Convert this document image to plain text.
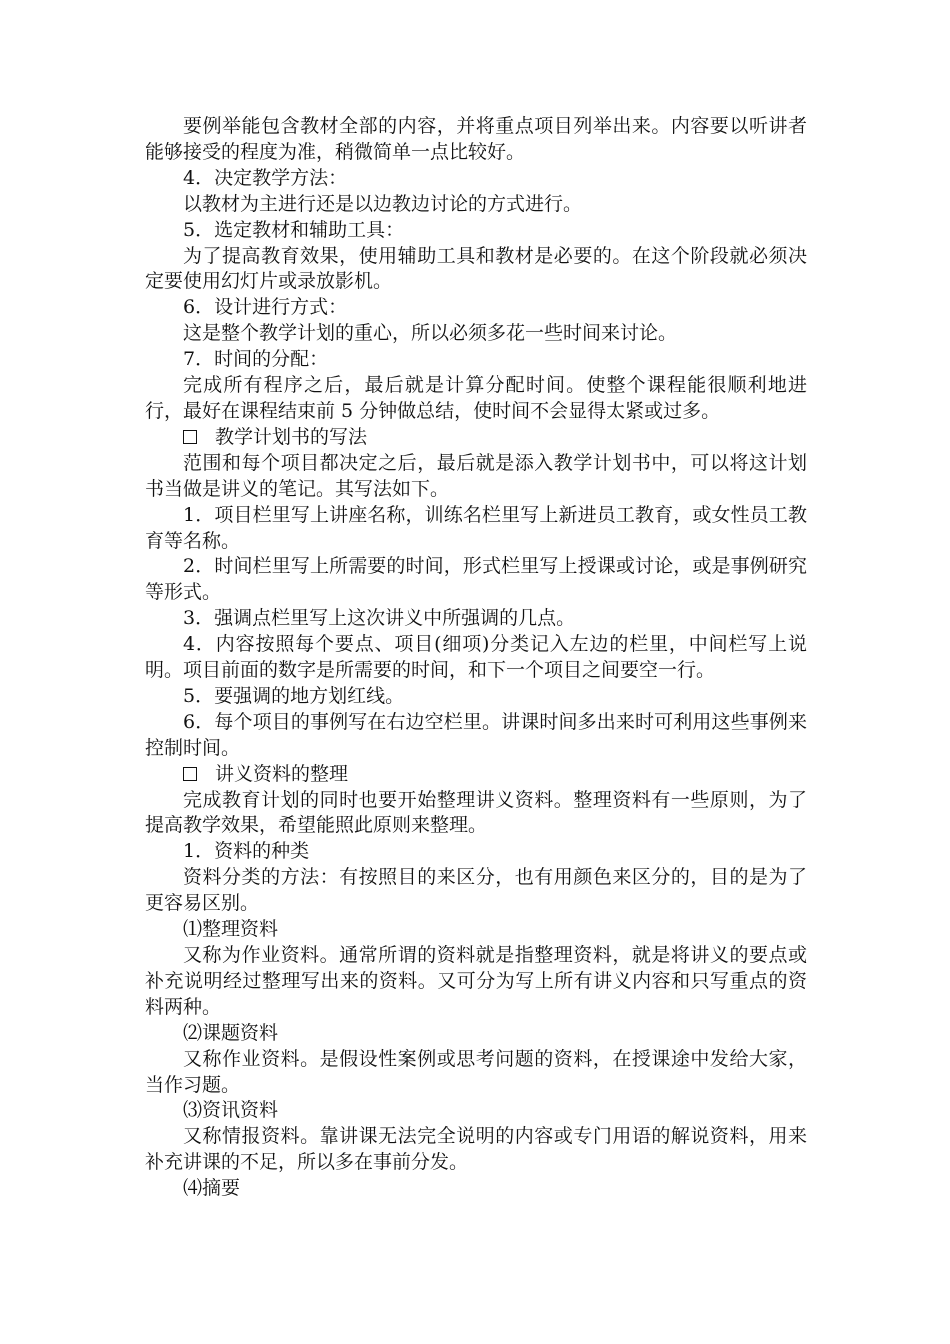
要例举能包含教材全部的内容，并将重点项目列举出来。内容要以听讲者能够接受的程度为准，稍微简单一点比较好。

4．决定教学方法：

以教材为主进行还是以边教边讨论的方式进行。

5．选定教材和辅助工具：

为了提高教育效果，使用辅助工具和教材是必要的。在这个阶段就必须决定要使用幻灯片或录放影机。

6．设计进行方式：

这是整个教学计划的重心，所以必须多花一些时间来讨论。

7．时间的分配：

完成所有程序之后，最后就是计算分配时间。使整个课程能很顺利地进行，最好在课程结束前 5 分钟做总结，使时间不会显得太紧或过多。

教学计划书的写法

范围和每个项目都决定之后，最后就是添入教学计划书中，可以将这计划书当做是讲义的笔记。其写法如下。

1．项目栏里写上讲座名称，训练名栏里写上新进员工教育，或女性员工教育等名称。

2．时间栏里写上所需要的时间，形式栏里写上授课或讨论，或是事例研究等形式。

3．强调点栏里写上这次讲义中所强调的几点。

4．内容按照每个要点、项目(细项)分类记入左边的栏里，中间栏写上说明。项目前面的数字是所需要的时间，和下一个项目之间要空一行。

5．要强调的地方划红线。

6．每个项目的事例写在右边空栏里。讲课时间多出来时可利用这些事例来控制时间。

讲义资料的整理

完成教育计划的同时也要开始整理讲义资料。整理资料有一些原则，为了提高教学效果，希望能照此原则来整理。

1．资料的种类

资料分类的方法：有按照目的来区分，也有用颜色来区分的，目的是为了更容易区别。

⑴整理资料

又称为作业资料。通常所谓的资料就是指整理资料，就是将讲义的要点或补充说明经过整理写出来的资料。又可分为写上所有讲义内容和只写重点的资料两种。

⑵课题资料

又称作业资料。是假设性案例或思考问题的资料，在授课途中发给大家，当作习题。

⑶资讯资料

又称情报资料。靠讲课无法完全说明的内容或专门用语的解说资料，用来补充讲课的不足，所以多在事前分发。

⑷摘要
